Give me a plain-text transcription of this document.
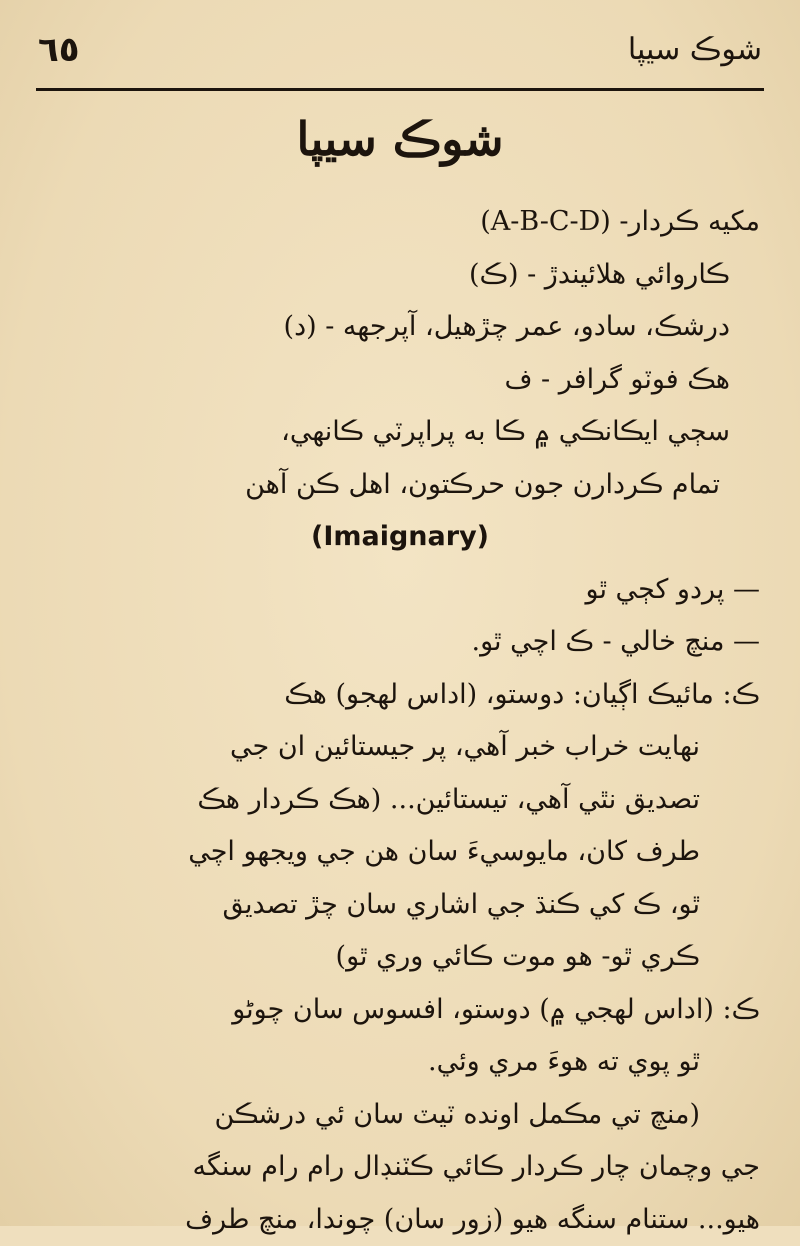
٦٥	شوڪ سيپا
شوڪ سيپا
مکيه ڪردار- (A-B-C-D)
ڪاروائي هلائيندڙ - (ڪ)
درشڪ، سادو، عمر چڙهيل، آپرجهه - (د)
هڪ فوٽو گرافر - ف
سڄي ايڪانڪي ۾ ڪا به پراپرٽي ڪانهي،
تمام ڪردارن جون حرڪتون، اهل ڪن آهن
(Imaignary)
— پردو کڄي ٿو
— منچ خالي - ڪ اچي ٿو.
ڪ: مائيڪ اڳيان: دوستو، (اداس لهجو) هڪ
نهايت خراب خبر آهي، پر جيستائين ان جي
تصديق نٿي آهي، تيستائين... (هڪ ڪردار هڪ
طرف کان، مايوسيءَ سان هن جي ويجهو اچي
ٿو، ڪ کي ڪنڌ جي اشاري سان چڙ تصديق
ڪري ٿو- هو موت ڪائي وري ٿو)
ڪ: (اداس لهجي ۾) دوستو، افسوس سان چوڻو
ٿو پوي ته هوءَ مري وئي.
(منچ تي مڪمل اونده ٽيٽ سان ئي درشڪن
جي وچمان چار ڪردار ڪائي ڪٽنڊال رام رام سنگه
هيو... ستنام سنگه هيو (زور سان) چوندا، منچ طرف
